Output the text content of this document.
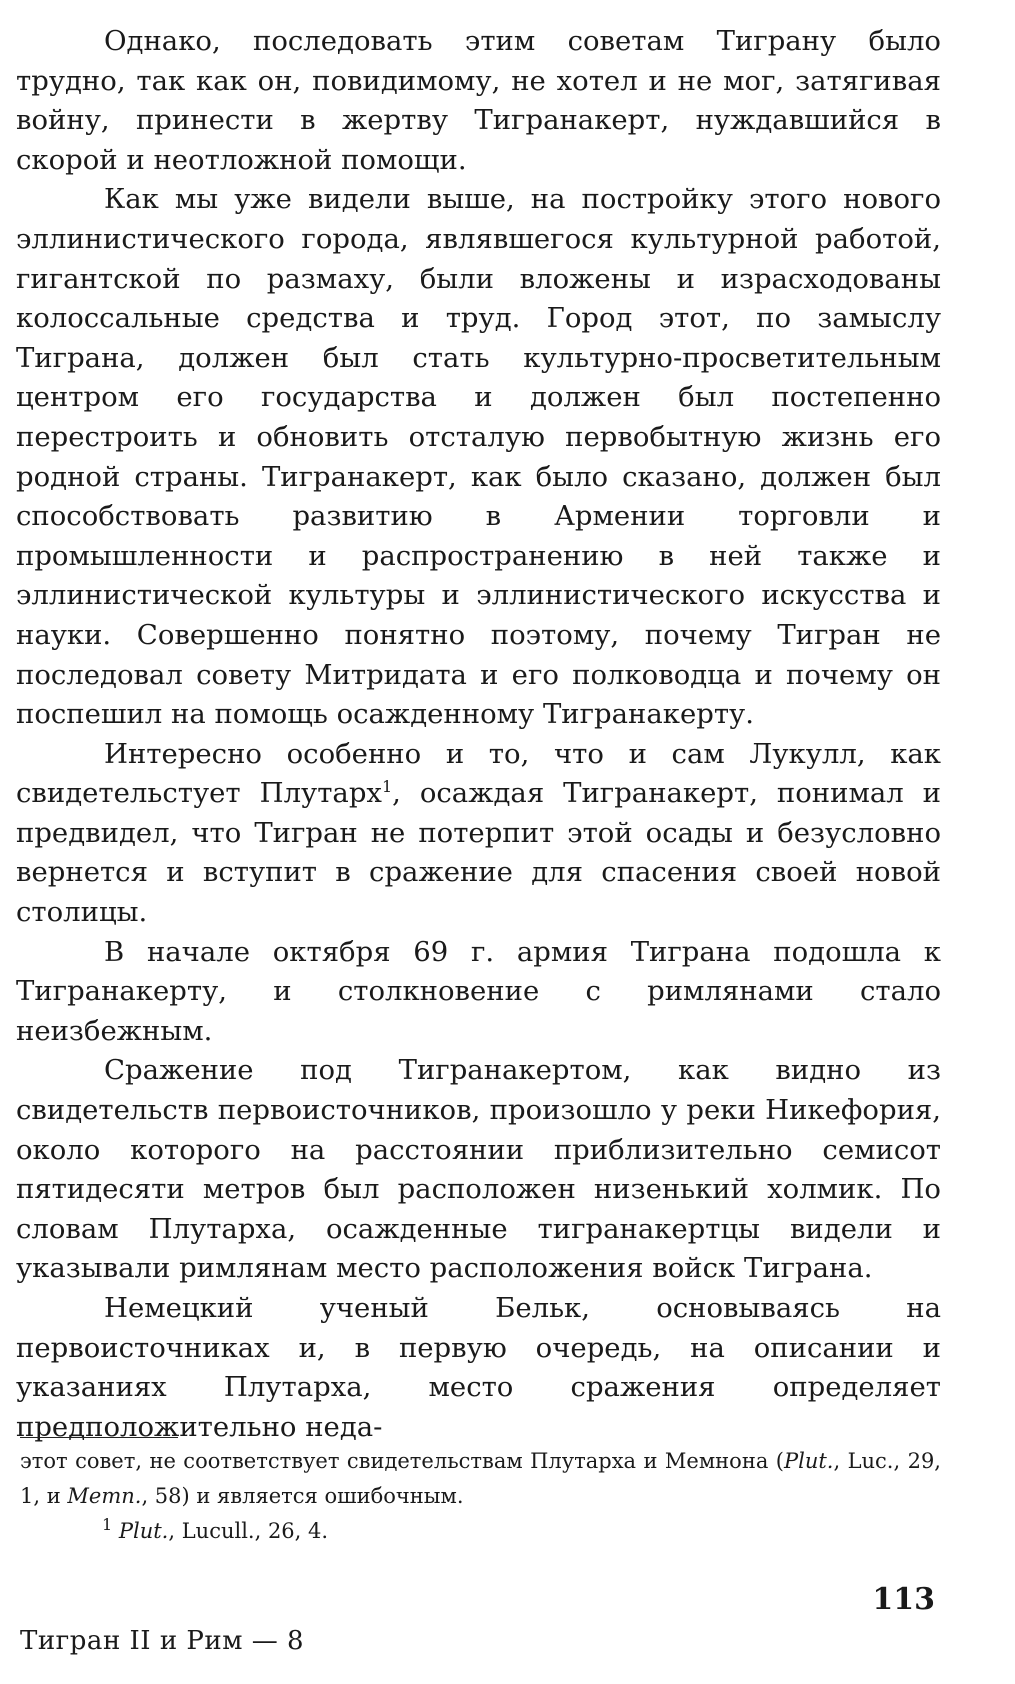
Однако, последовать этим советам Тиграну было трудно, так как он, повидимому, не хотел и не мог, затягивая войну, принести в жертву Тигранакерт, нуждавшийся в скорой и неотложной помощи.

Как мы уже видели выше, на постройку этого нового эллинистического города, являвшегося культурной работой, гигантской по размаху, были вложены и израсходованы колоссальные средства и труд. Город этот, по замыслу Тиграна, должен был стать культурно-просветительным центром его государства и должен был постепенно перестроить и обновить отсталую первобытную жизнь его родной страны. Тигранакерт, как было сказано, должен был способствовать развитию в Армении торговли и промышленности и распространению в ней также и эллинистической культуры и эллинистического искусства и науки. Совершенно понятно поэтому, почему Тигран не последовал совету Митридата и его полководца и почему он поспешил на помощь осажденному Тигранакерту.

Интересно особенно и то, что и сам Лукулл, как свидетельстует Плутарх$^1$, осаждая Тигранакерт, понимал и предвидел, что Тигран не потерпит этой осады и безусловно вернется и вступит в сражение для спасения своей новой столицы.

В начале октября 69 г. армия Тиграна подошла к Тигранакерту, и столкновение с римлянами стало неизбежным.

Сражение под Тигранакертом, как видно из свидетельств первоисточников, произошло у реки Никефория, около которого на расстоянии приблизительно семисот пятидесяти метров был расположен низенький холмик. По словам Плутарха, осажденные тигранакертцы видели и указывали римлянам место расположения войск Тиграна.

Немецкий ученый Бельк, основываясь на первоисточниках и, в первую очередь, на описании и указаниях Плутарха, место сражения определяет предположительно неда-

этот совет, не соответствует свидетельствам Плутарха и Мемнона (Plut., Luc., 29, 1, и Memn., 58) и является ошибочным.

$^1$ Plut., Lucull., 26, 4.

113
Тигран II и Рим — 8
